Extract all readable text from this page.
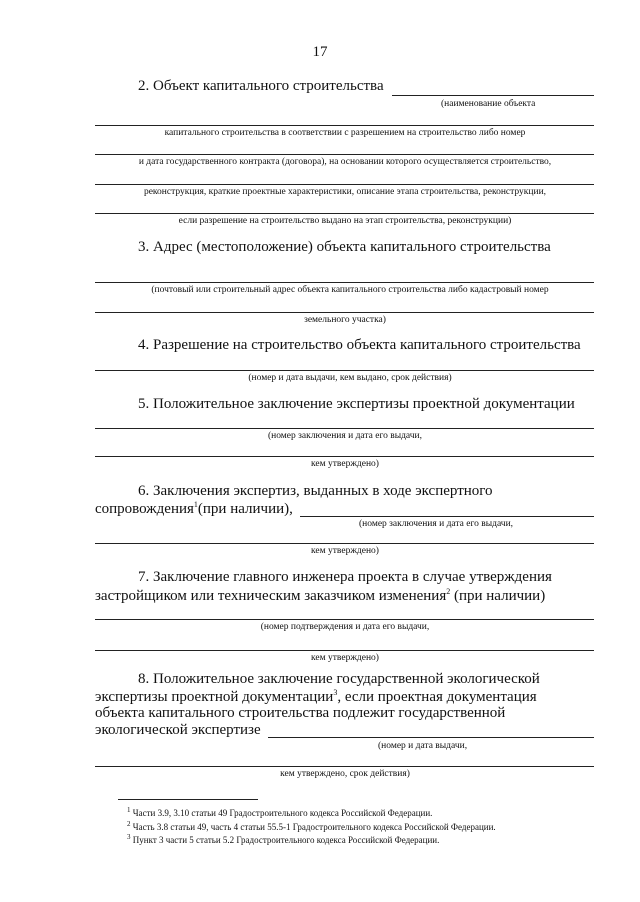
17
2. Объект капитального строительства
(наименование объекта
капитального строительства в соответствии с разрешением на строительство либо номер
и дата государственного контракта (договора), на основании которого осуществляется строительство,
реконструкция, краткие проектные характеристики, описание этапа строительства, реконструкции,
если разрешение на строительство выдано на этап строительства, реконструкции)
3. Адрес (местоположение) объекта капитального строительства
(почтовый или строительный адрес объекта капитального строительства либо кадастровый номер
земельного участка)
4. Разрешение на строительство объекта капитального строительства
(номер и дата выдачи, кем выдано, срок действия)
5. Положительное заключение экспертизы проектной документации
(номер заключения и дата его выдачи,
кем утверждено)
6. Заключения экспертиз, выданных в ходе экспертного
сопровождения$^1$(при наличии),
(номер заключения и дата его выдачи,
кем утверждено)
7. Заключение главного инженера проекта в случае утверждения
застройщиком или техническим заказчиком изменения$^2$ (при наличии)
(номер подтверждения и дата его выдачи,
кем утверждено)
8. Положительное заключение государственной экологической
экспертизы проектной документации$^3$, если проектная документация
объекта капитального строительства подлежит государственной
экологической экспертизе
(номер и дата выдачи,
кем утверждено, срок действия)
$^1$ Части 3.9, 3.10 статьи 49 Градостроительного кодекса Российской Федерации.
$^2$ Часть 3.8 статьи 49, часть 4 статьи 55.5-1 Градостроительного кодекса Российской Федерации.
$^3$ Пункт 3 части 5 статьи 5.2 Градостроительного кодекса Российской Федерации.
